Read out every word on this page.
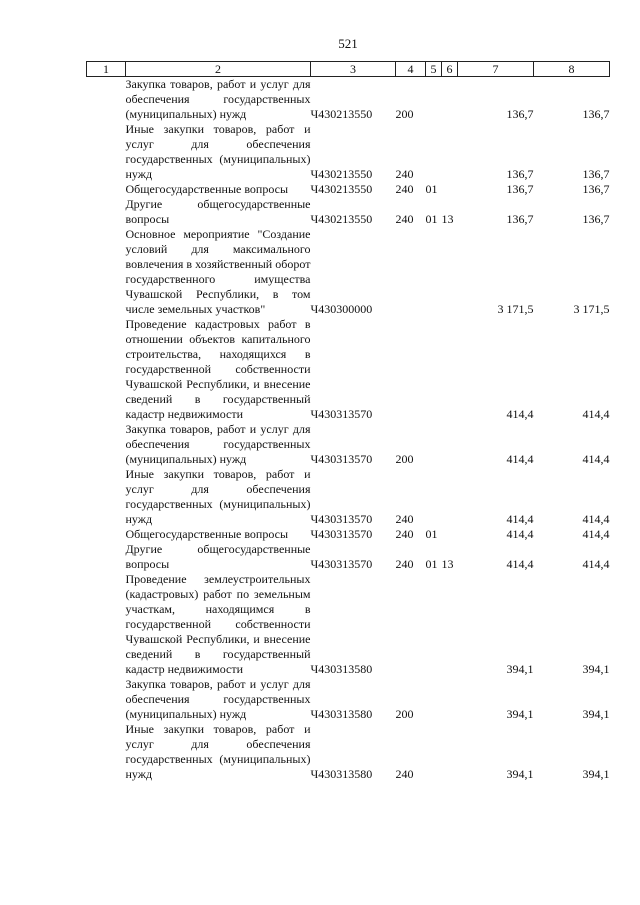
521
1	2	3	4	5	6	7	8
	Закупка товаров, работ и услуг для обеспечения государственных (муниципальных) нужд	Ч430213550	200			136,7	136,7
	Иные закупки товаров, работ и услуг для обеспечения государственных (муниципальных) нужд	Ч430213550	240			136,7	136,7
	Общегосударственные вопросы	Ч430213550	240	01		136,7	136,7
	Другие общегосударственные вопросы	Ч430213550	240	01	13	136,7	136,7
	Основное мероприятие "Создание условий для максимального вовлечения в хозяйственный оборот государственного имущества Чувашской Республики, в том числе земельных участков"	Ч430300000				3 171,5	3 171,5
	Проведение кадастровых работ в отношении объектов капитального строительства, находящихся в государственной собственности Чувашской Республики, и внесение сведений в государственный кадастр недвижимости	Ч430313570				414,4	414,4
	Закупка товаров, работ и услуг для обеспечения государственных (муниципальных) нужд	Ч430313570	200			414,4	414,4
	Иные закупки товаров, работ и услуг для обеспечения государственных (муниципальных) нужд	Ч430313570	240			414,4	414,4
	Общегосударственные вопросы	Ч430313570	240	01		414,4	414,4
	Другие общегосударственные вопросы	Ч430313570	240	01	13	414,4	414,4
	Проведение землеустроительных (кадастровых) работ по земельным участкам, находящимся в государственной собственности Чувашской Республики, и внесение сведений в государственный кадастр недвижимости	Ч430313580				394,1	394,1
	Закупка товаров, работ и услуг для обеспечения государственных (муниципальных) нужд	Ч430313580	200			394,1	394,1
	Иные закупки товаров, работ и услуг для обеспечения государственных (муниципальных) нужд	Ч430313580	240			394,1	394,1
